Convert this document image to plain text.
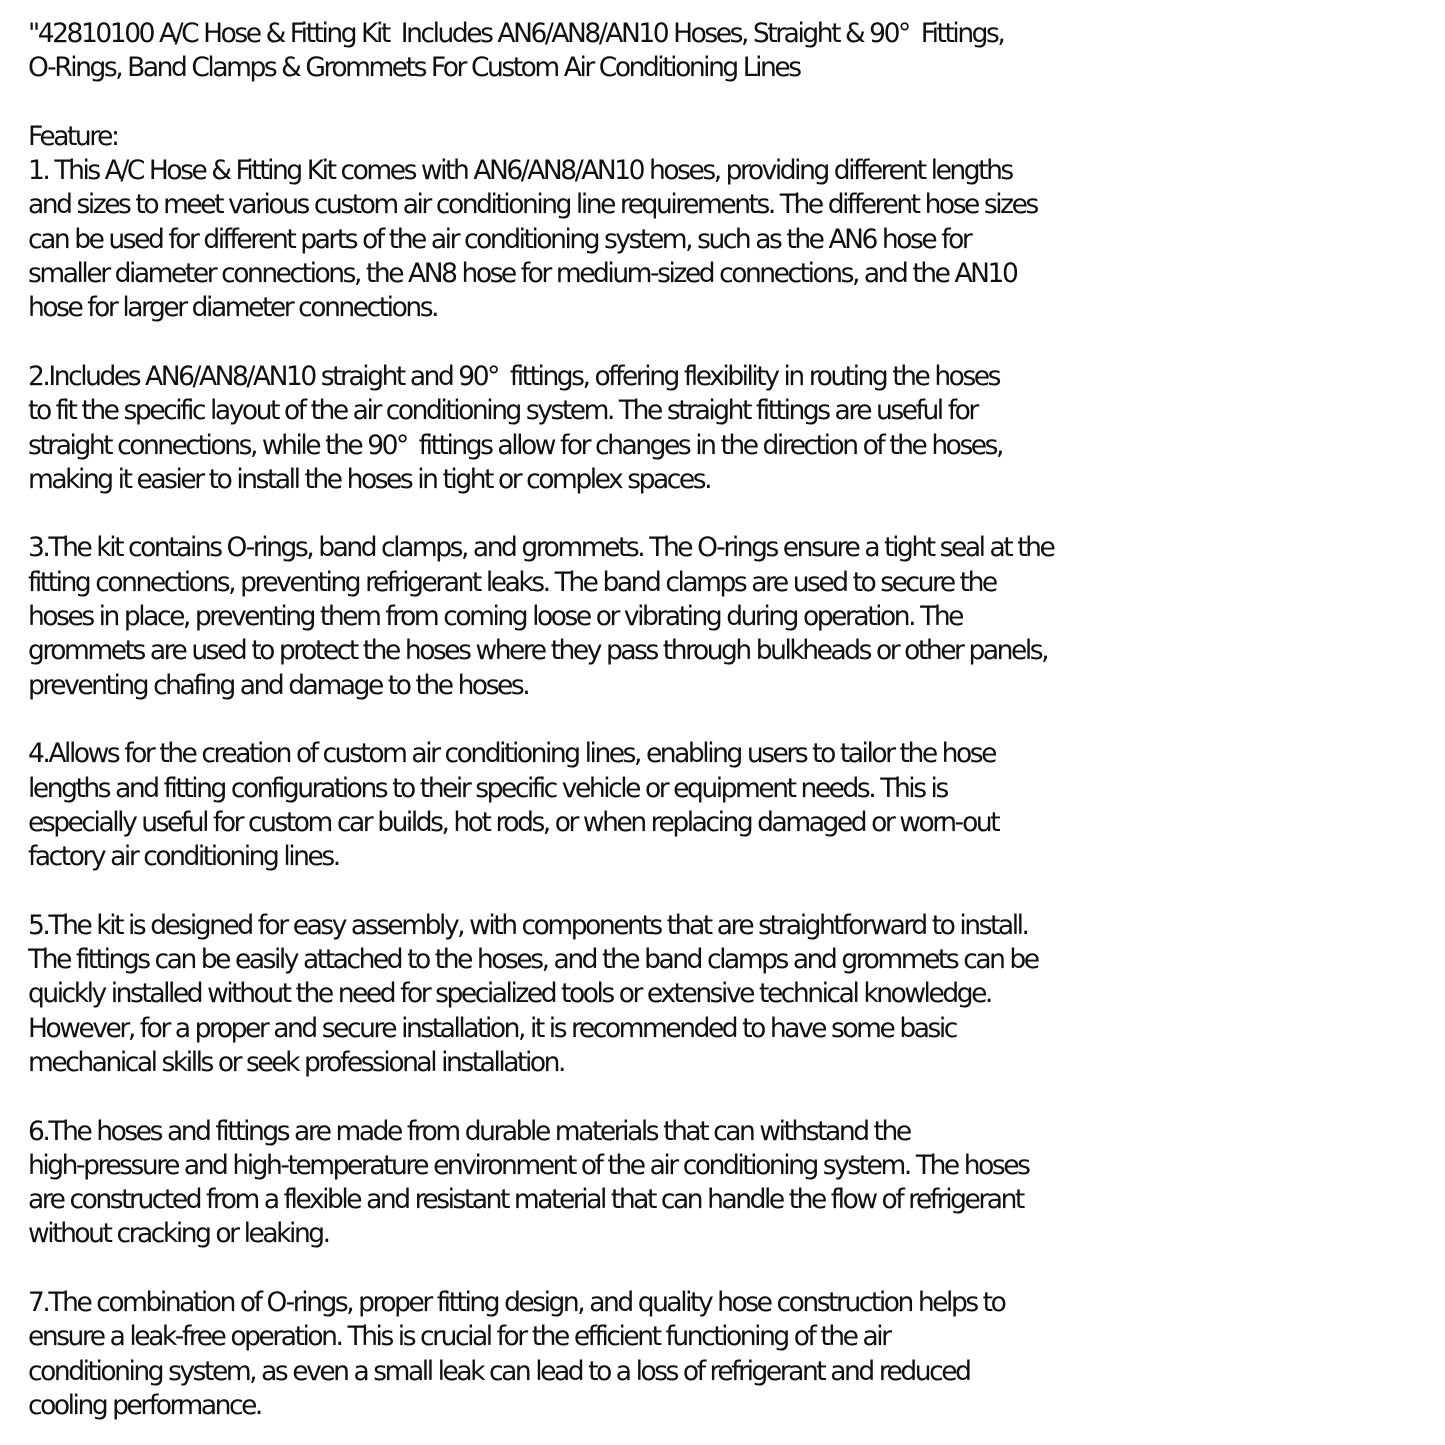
"42810100 A/C Hose & Fitting Kit  Includes AN6/AN8/AN10 Hoses, Straight & 90°  Fittings,
O-Rings, Band Clamps & Grommets For Custom Air Conditioning Lines
Feature:
1. This A/C Hose & Fitting Kit comes with AN6/AN8/AN10 hoses, providing different lengths
and sizes to meet various custom air conditioning line requirements. The different hose sizes
can be used for different parts of the air conditioning system, such as the AN6 hose for
smaller diameter connections, the AN8 hose for medium-sized connections, and the AN10
hose for larger diameter connections.
2.Includes AN6/AN8/AN10 straight and 90°  fittings, offering flexibility in routing the hoses
to fit the specific layout of the air conditioning system. The straight fittings are useful for
straight connections, while the 90°  fittings allow for changes in the direction of the hoses,
making it easier to install the hoses in tight or complex spaces.
3.The kit contains O-rings, band clamps, and grommets. The O-rings ensure a tight seal at the
fitting connections, preventing refrigerant leaks. The band clamps are used to secure the
hoses in place, preventing them from coming loose or vibrating during operation. The
grommets are used to protect the hoses where they pass through bulkheads or other panels,
preventing chafing and damage to the hoses.
4.Allows for the creation of custom air conditioning lines, enabling users to tailor the hose
lengths and fitting configurations to their specific vehicle or equipment needs. This is
especially useful for custom car builds, hot rods, or when replacing damaged or worn-out
factory air conditioning lines.
5.The kit is designed for easy assembly, with components that are straightforward to install.
The fittings can be easily attached to the hoses, and the band clamps and grommets can be
quickly installed without the need for specialized tools or extensive technical knowledge.
However, for a proper and secure installation, it is recommended to have some basic
mechanical skills or seek professional installation.
6.The hoses and fittings are made from durable materials that can withstand the
high-pressure and high-temperature environment of the air conditioning system. The hoses
are constructed from a flexible and resistant material that can handle the flow of refrigerant
without cracking or leaking.
7.The combination of O-rings, proper fitting design, and quality hose construction helps to
ensure a leak-free operation. This is crucial for the efficient functioning of the air
conditioning system, as even a small leak can lead to a loss of refrigerant and reduced
cooling performance.
